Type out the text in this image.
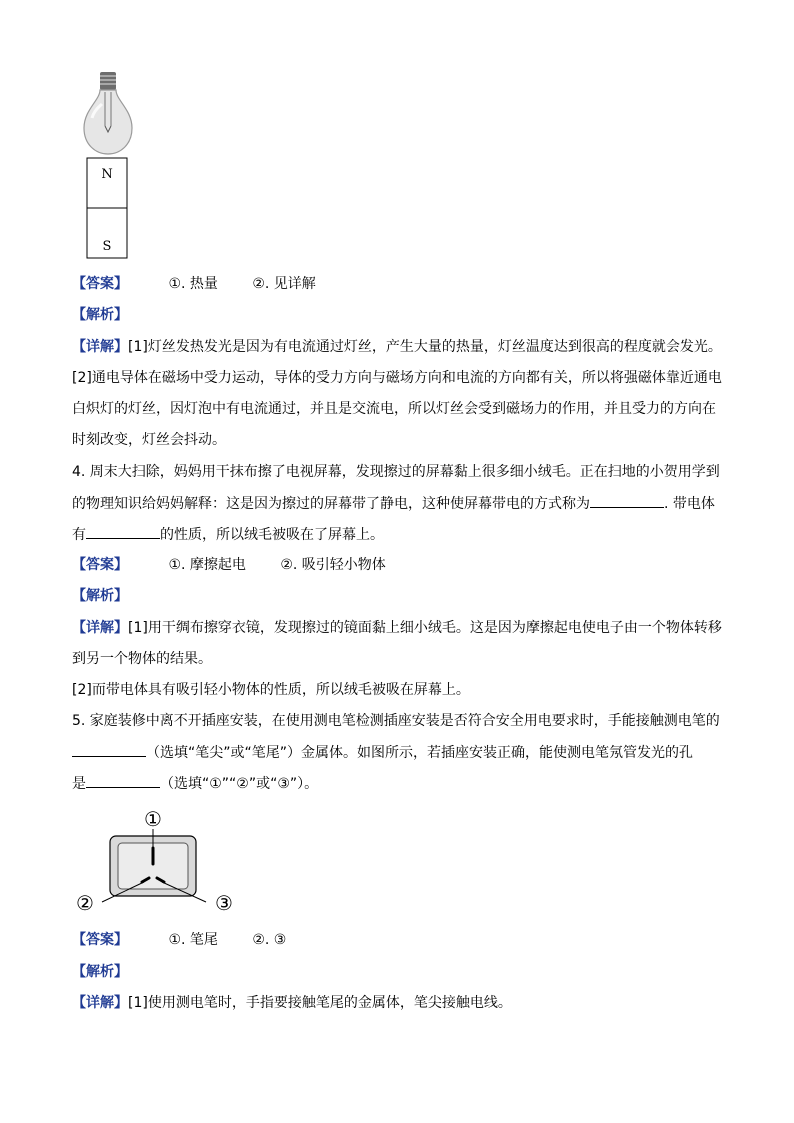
N
S
【答案】	①. 热量 ②. 见详解
【解析】
【详解】[1]灯丝发热发光是因为有电流通过灯丝，产生大量的热量，灯丝温度达到很高的程度就会发光。
[2]通电导体在磁场中受力运动，导体的受力方向与磁场方向和电流的方向都有关，所以将强磁体靠近通电
白炽灯的灯丝，因灯泡中有电流通过，并且是交流电，所以灯丝会受到磁场力的作用，并且受力的方向在
时刻改变，灯丝会抖动。
4. 周末大扫除，妈妈用干抹布擦了电视屏幕，发现擦过的屏幕黏上很多细小绒毛。正在扫地的小贺用学到
的物理知识给妈妈解释：这是因为擦过的屏幕带了静电，这种使屏幕带电的方式称为	. 带电体
有	的性质，所以绒毛被吸在了屏幕上。
【答案】	①. 摩擦起电 ②. 吸引轻小物体
【解析】
【详解】[1]用干绸布擦穿衣镜，发现擦过的镜面黏上细小绒毛。这是因为摩擦起电使电子由一个物体转移
到另一个物体的结果。
[2]而带电体具有吸引轻小物体的性质，所以绒毛被吸在屏幕上。
5. 家庭装修中离不开插座安装，在使用测电笔检测插座安装是否符合安全用电要求时，手能接触测电笔的
（选填“笔尖”或“笔尾”）金属体。如图所示，若插座安装正确，能使测电笔氖管发光的孔
是	（选填“①”“②”或“③”）。
①
②	③
【答案】	①. 笔尾 ②. ③
【解析】
【详解】[1]使用测电笔时，手指要接触笔尾的金属体，笔尖接触电线。
